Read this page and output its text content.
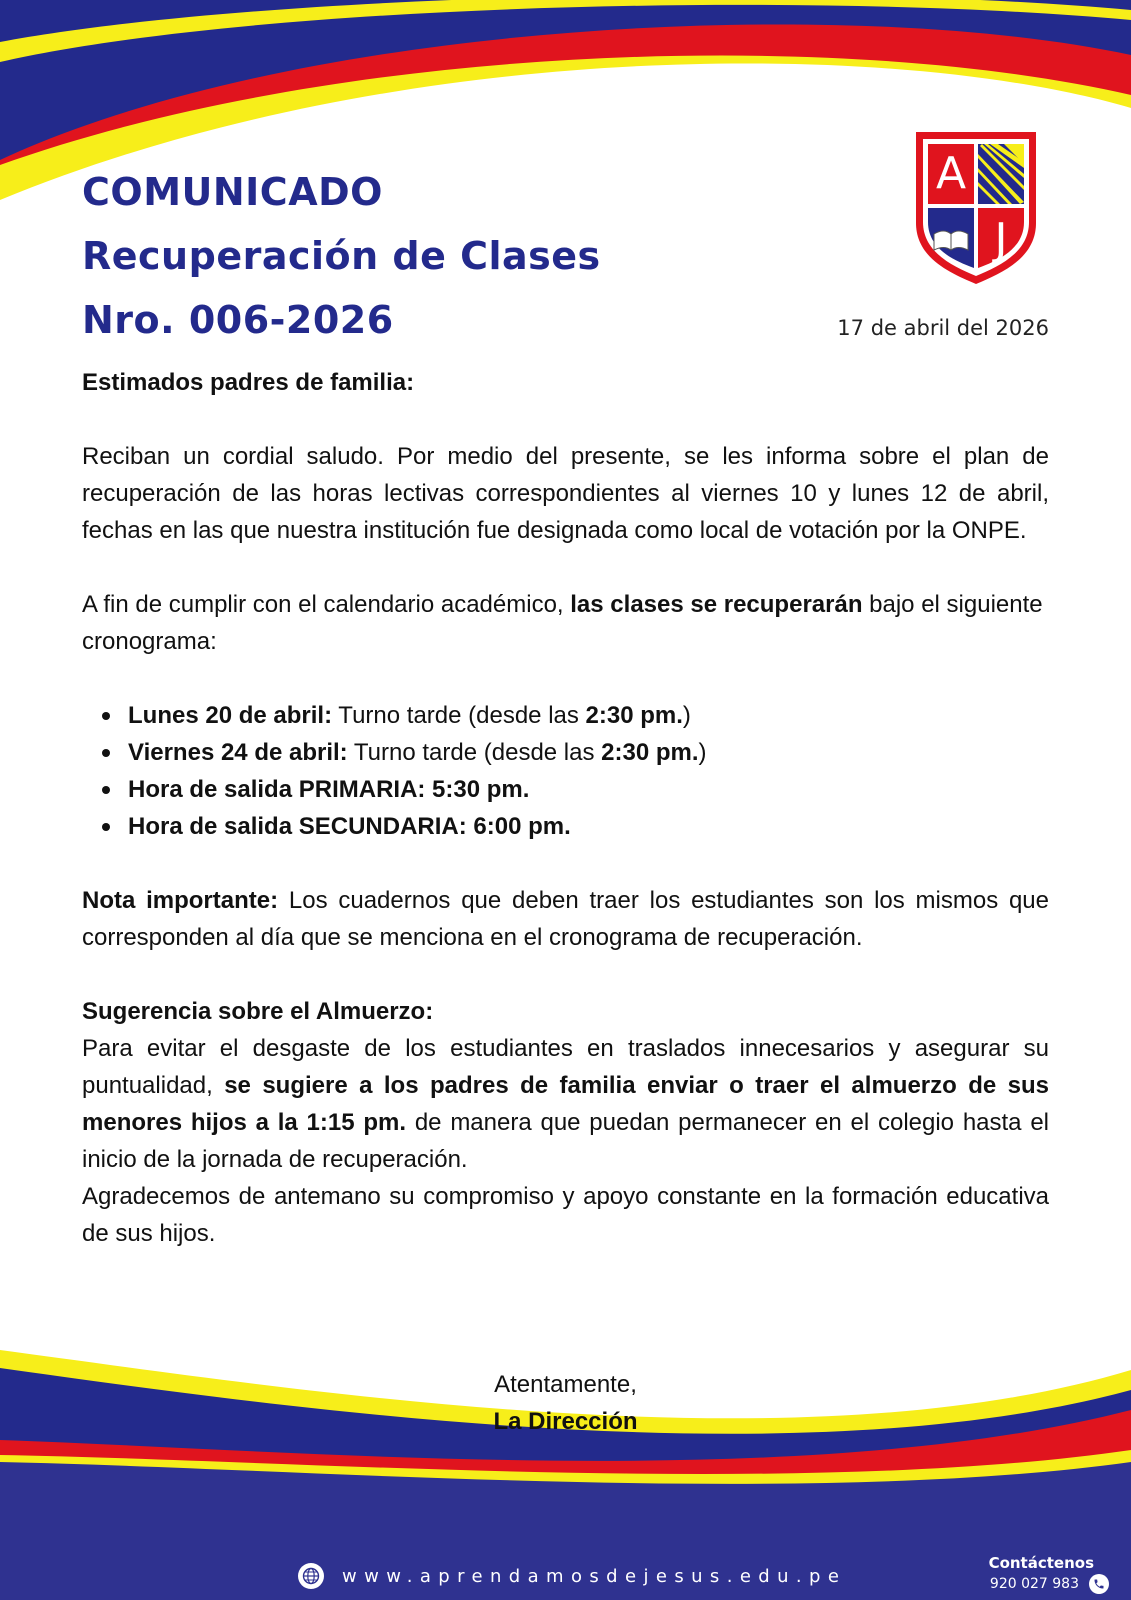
COMUNICADO
Recuperación de Clases
Nro. 006-2026
A
J
17 de abril del 2026

Estimados padres de familia:

Reciban un cordial saludo. Por medio del presente, se les informa sobre el plan de recuperación de las horas lectivas correspondientes al viernes 10 y lunes 12 de abril, fechas en las que nuestra institución fue designada como local de votación por la ONPE.

A fin de cumplir con el calendario académico, las clases se recuperarán bajo el siguiente cronograma:

Lunes 20 de abril: Turno tarde (desde las 2:30 pm.)
Viernes 24 de abril: Turno tarde (desde las 2:30 pm.)
Hora de salida PRIMARIA: 5:30 pm.
Hora de salida SECUNDARIA: 6:00 pm.

Nota importante: Los cuadernos que deben traer los estudiantes son los mismos que corresponden al día que se menciona en el cronograma de recuperación.

Sugerencia sobre el Almuerzo:

Para evitar el desgaste de los estudiantes en traslados innecesarios y asegurar su puntualidad, se sugiere a los padres de familia enviar o traer el almuerzo de sus menores hijos a la 1:15 pm. de manera que puedan permanecer en el colegio hasta el inicio de la jornada de recuperación.

Agradecemos de antemano su compromiso y apoyo constante en la formación educativa de sus hijos.

Atentamente,
La Dirección
www.aprendamosdejesus.edu.pe
Contáctenos
920 027 983
